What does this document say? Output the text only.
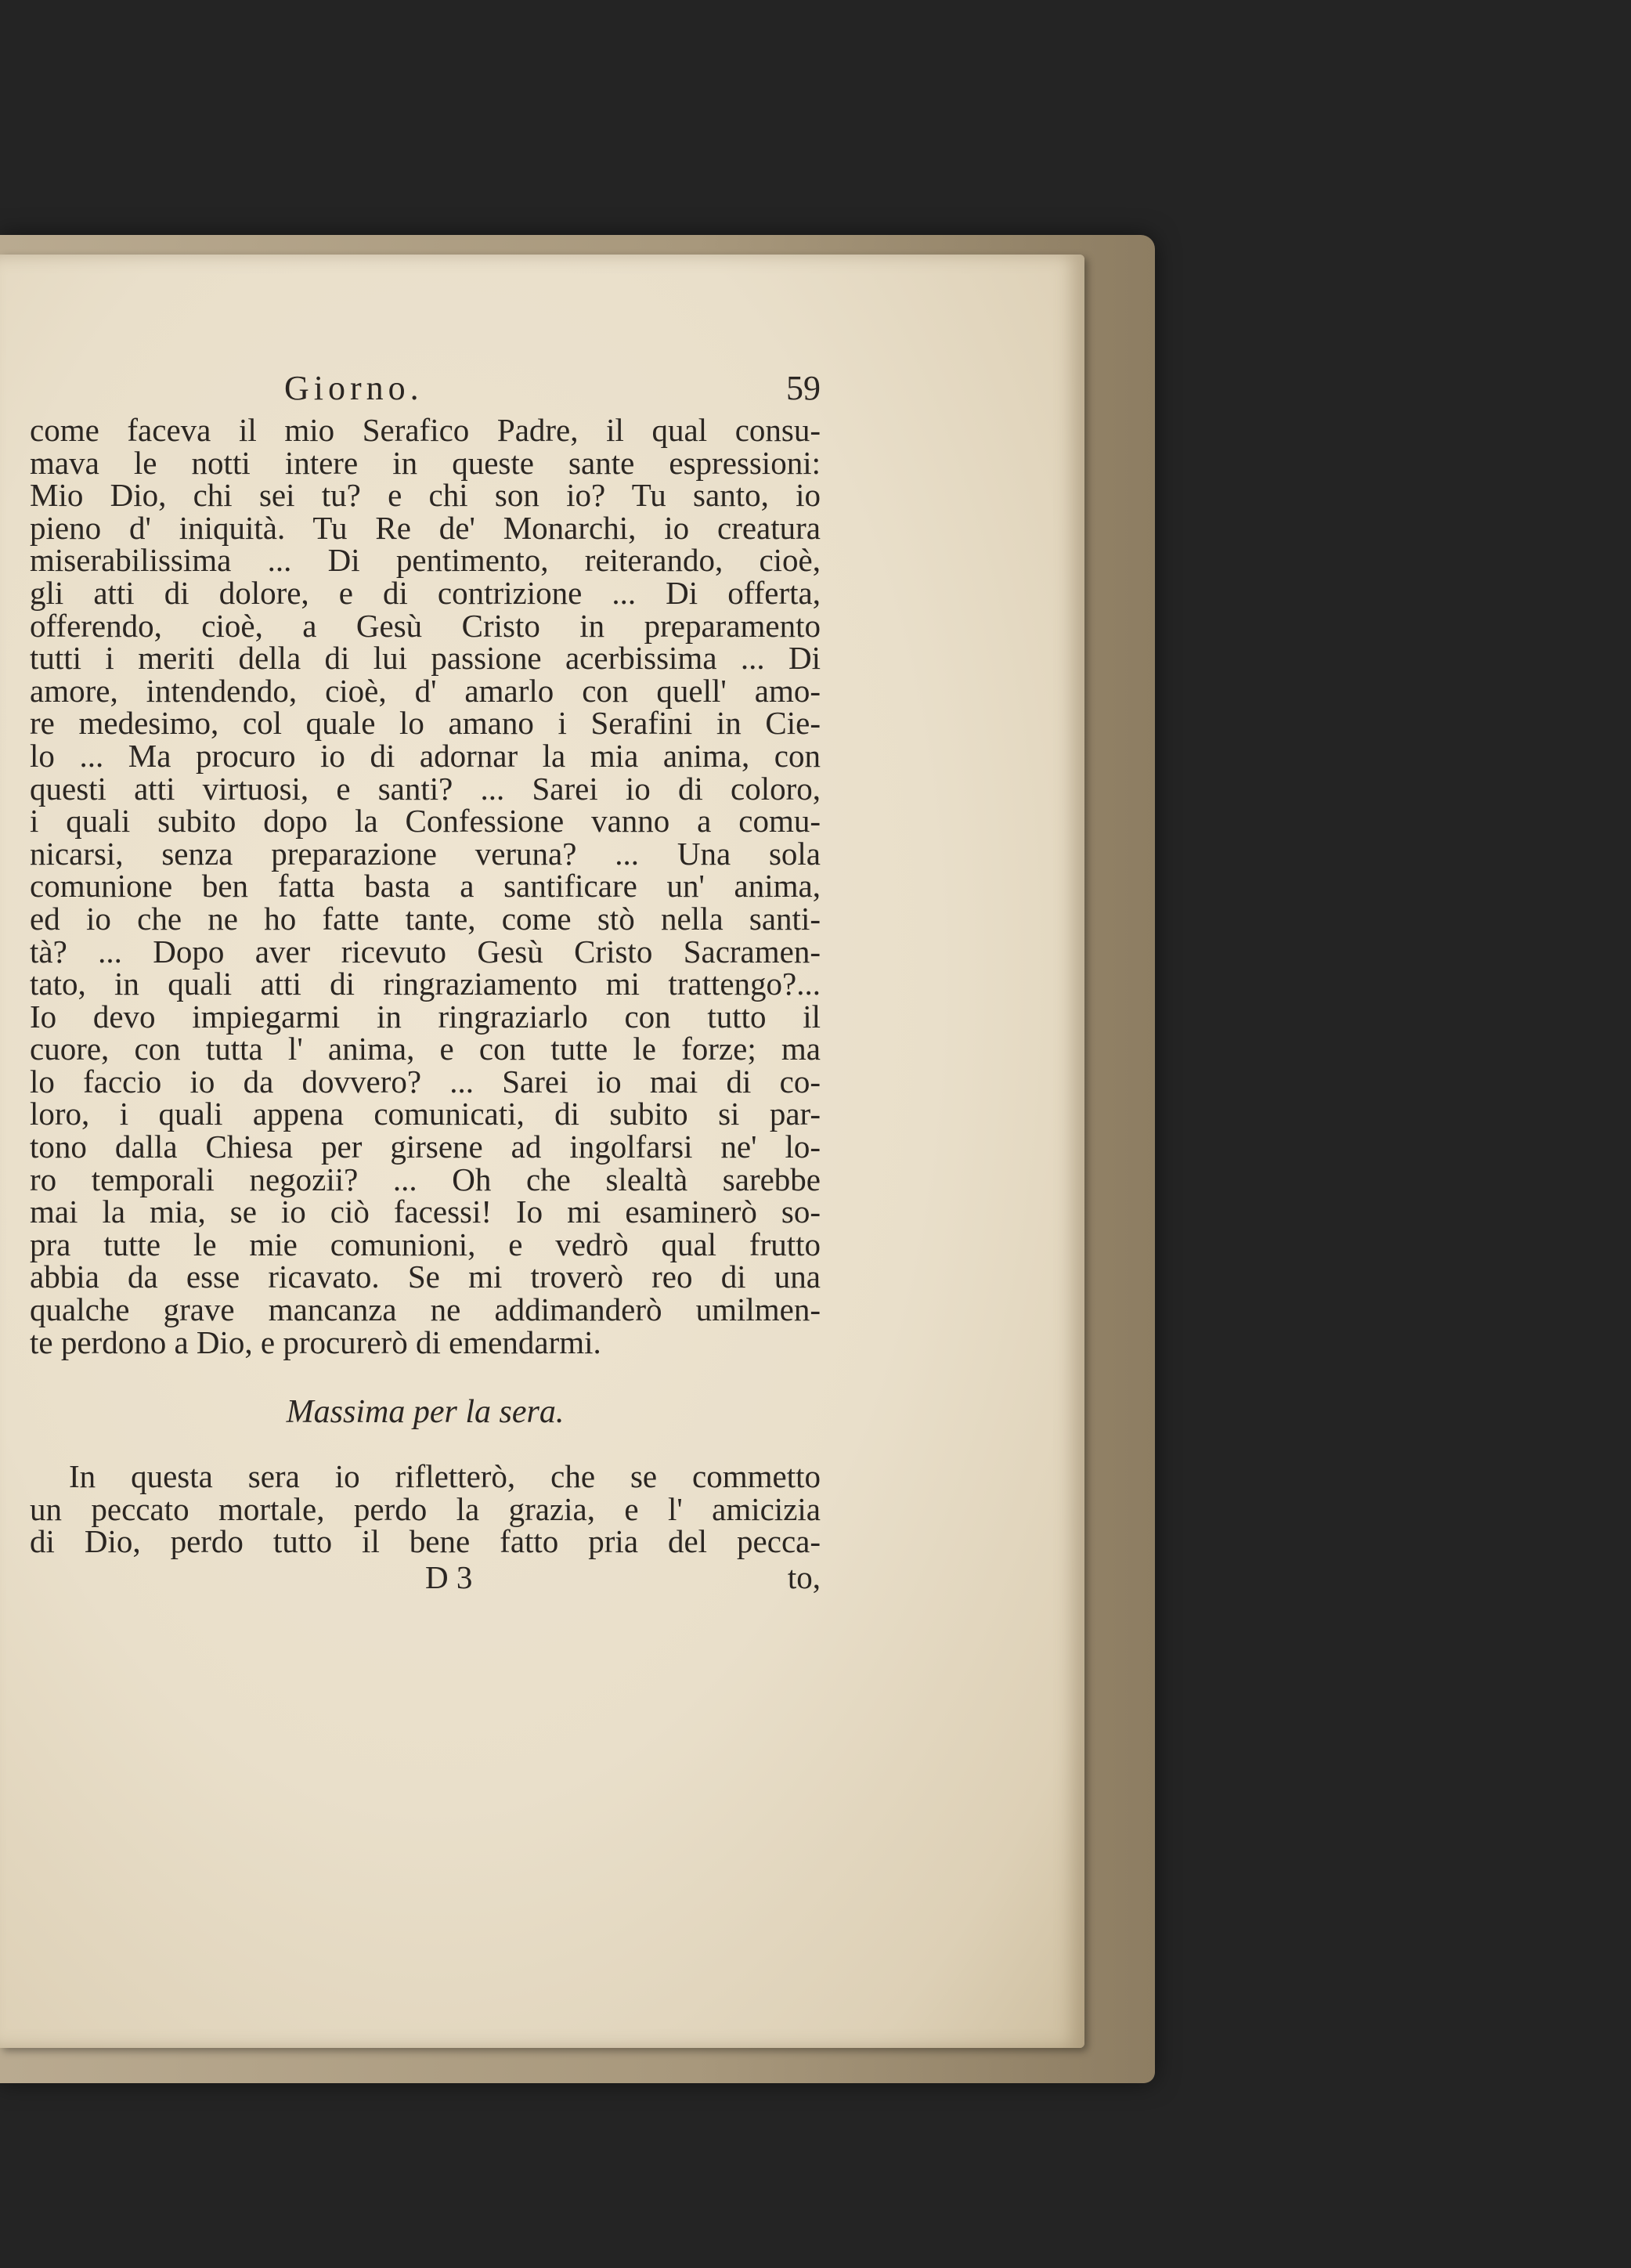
Giorno.	59
come faceva il mio Serafico Padre, il qual consu-
mava le notti intere in queste sante espressioni:
Mio Dio, chi sei tu? e chi son io? Tu santo, io
pieno d' iniquità. Tu Re de' Monarchi, io creatura
miserabilissima ... Di pentimento, reiterando, cioè,
gli atti di dolore, e di contrizione ... Di offerta,
offerendo, cioè, a Gesù Cristo in preparamento
tutti i meriti della di lui passione acerbissima ... Di
amore, intendendo, cioè, d' amarlo con quell' amo-
re medesimo, col quale lo amano i Serafini in Cie-
lo ... Ma procuro io di adornar la mia anima, con
questi atti virtuosi, e santi? ... Sarei io di coloro,
i quali subito dopo la Confessione vanno a comu-
nicarsi, senza preparazione veruna? ... Una sola
comunione ben fatta basta a santificare un' anima,
ed io che ne ho fatte tante, come stò nella santi-
tà? ... Dopo aver ricevuto Gesù Cristo Sacramen-
tato, in quali atti di ringraziamento mi trattengo?...
Io devo impiegarmi in ringraziarlo con tutto il
cuore, con tutta l' anima, e con tutte le forze; ma
lo faccio io da dovvero? ... Sarei io mai di co-
loro, i quali appena comunicati, di subito si par-
tono dalla Chiesa per girsene ad ingolfarsi ne' lo-
ro temporali negozii? ... Oh che slealtà sarebbe
mai la mia, se io ciò facessi! Io mi esaminerò so-
pra tutte le mie comunioni, e vedrò qual frutto
abbia da esse ricavato. Se mi troverò reo di una
qualche grave mancanza ne addimanderò umilmen-
te perdono a Dio, e procurerò di emendarmi.
Massima per la sera.
In questa sera io rifletterò, che se commetto
un peccato mortale, perdo la grazia, e l' amicizia
di Dio, perdo tutto il bene fatto pria del pecca-
D 3	to,
